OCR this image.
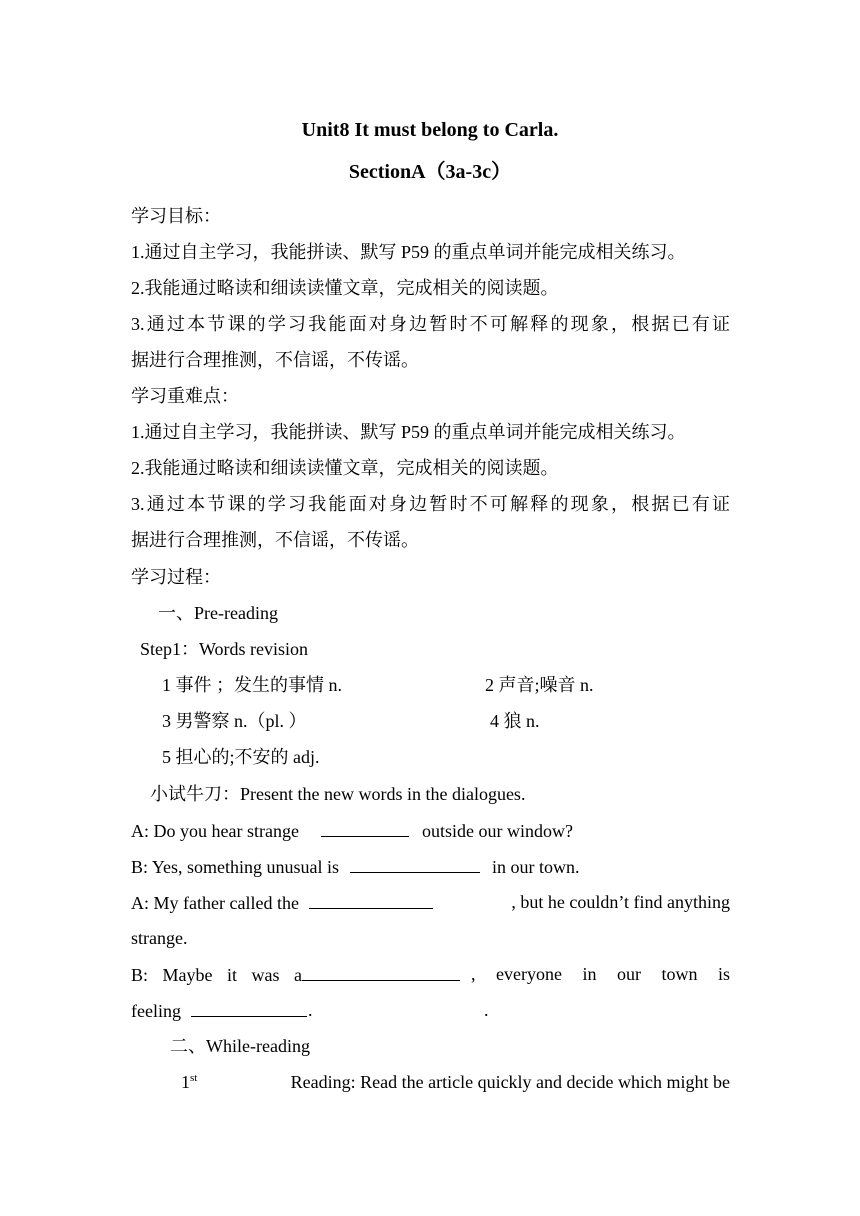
Unit8 It must belong to Carla.
SectionA（3a-3c）
学习目标：
1.通过自主学习，我能拼读、默写 P59 的重点单词并能完成相关练习。
2.我能通过略读和细读读懂文章，完成相关的阅读题。
3.通过本节课的学习我能面对身边暂时不可解释的现象，根据已有证
据进行合理推测，不信谣，不传谣。
学习重难点：
1.通过自主学习，我能拼读、默写 P59 的重点单词并能完成相关练习。
2.我能通过略读和细读读懂文章，完成相关的阅读题。
3.通过本节课的学习我能面对身边暂时不可解释的现象，根据已有证
据进行合理推测，不信谣，不传谣。
学习过程：
一、Pre-reading
Step1：Words revision
1 事件 ；发生的事情 n.	2 声音;噪音 n.
3 男警察 n.（pl. ）	4 狼 n.
5 担心的;不安的 adj.
小试牛刀：Present the new words in the dialogues.
A: Do you hear strange	outside our window?
B: Yes, something unusual is	in our town.
A: My father called the	, but he couldn’t find anything
strange.
B: Maybe it was a	, everyone in our town is
feeling	.	.
二、While-reading
1st	Reading: Read the article quickly and decide which might be
